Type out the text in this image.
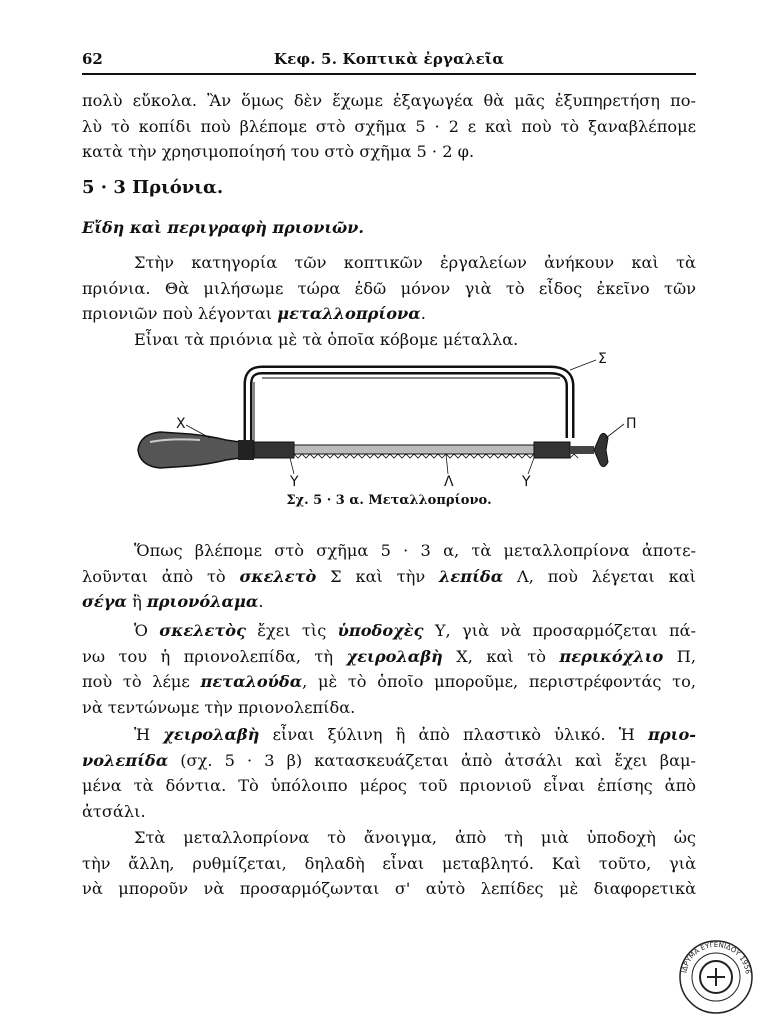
62	Κεφ. 5. Κοπτικὰ ἐργαλεῖα
πολὺ εὔκολα. Ἂν ὅμως δὲν ἔχωμε ἐξαγωγέα θὰ μᾶς ἐξυπηρετήση πο-
λὺ τὸ κοπίδι ποὺ βλέπομε στὸ σχῆμα 5 · 2 ε καὶ ποὺ τὸ ξαναβλέπομε
κατὰ τὴν χρησιμοποίησή του στὸ σχῆμα 5 · 2 φ.
5 · 3 Πριόνια.
Εἴδη καὶ περιγραφὴ πριονιῶν.
Στὴν κατηγορία τῶν κοπτικῶν ἐργαλείων ἀνήκουν καὶ τὰ
πριόνια. Θὰ μιλήσωμε τώρα ἐδῶ μόνον γιὰ τὸ εἶδος ἐκεῖνο τῶν
πριονιῶν ποὺ λέγονται μεταλλοπρίονα.
Εἶναι τὰ πριόνια μὲ τὰ ὁποῖα κόβομε μέταλλα.
Χ
Σ
Π
Υ	Λ	Υ
Σχ. 5 · 3 α. Μεταλλοπρίονο.
Ὅπως βλέπομε στὸ σχῆμα 5 · 3 α, τὰ μεταλλοπρίονα ἀποτε-
λοῦνται ἀπὸ τὸ σκελετὸ Σ καὶ τὴν λεπίδα Λ, ποὺ λέγεται καὶ
σέγα ἢ πριονόλαμα.
Ὁ σκελετὸς ἔχει τὶς ὑποδοχὲς Υ, γιὰ νὰ προσαρμόζεται πά-
νω του ἡ πριονολεπίδα, τὴ χειρολαβὴ Χ, καὶ τὸ περικόχλιο Π,
ποὺ τὸ λέμε πεταλούδα, μὲ τὸ ὁποῖο μποροῦμε, περιστρέφοντάς το,
νὰ τεντώνωμε τὴν πριονολεπίδα.
Ἡ χειρολαβὴ εἶναι ξύλινη ἢ ἀπὸ πλαστικὸ ὑλικό. Ἡ πριο-
νολεπίδα (σχ. 5 · 3 β) κατασκευάζεται ἀπὸ ἀτσάλι καὶ ἔχει βαμ-
μένα τὰ δόντια. Τὸ ὑπόλοιπο μέρος τοῦ πριονιοῦ εἶναι ἐπίσης ἀπὸ
ἀτσάλι.
Στὰ μεταλλοπρίονα τὸ ἄνοιγμα, ἀπὸ τὴ μιὰ ὑποδοχὴ ὡς
τὴν ἄλλη, ρυθμίζεται, δηλαδὴ εἶναι μεταβλητό. Καὶ τοῦτο, γιὰ
νὰ μποροῦν νὰ προσαρμόζωνται σ' αὐτὸ λεπίδες μὲ διαφορετικὰ
ΙΔΡΥΜΑ ΕΥΓΕΝΙΔΟΥ 1956
